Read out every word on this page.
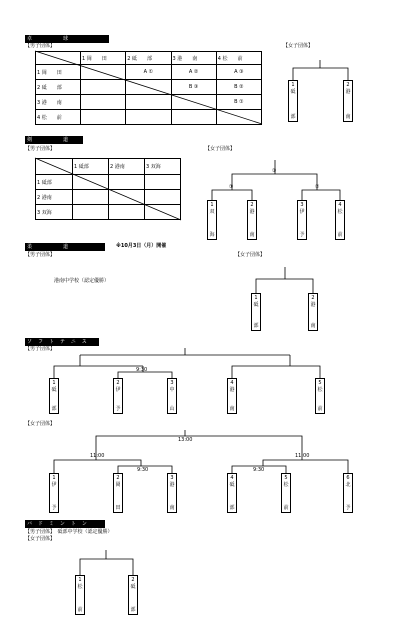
卓　　　球
【男子団体】	【女子団体】
	1 岡　　田	2 砥　　部	3 港　　南	4 松　　前
1 岡　　田		A ①	A ②	A ③
2 砥　　部			B ③	B ②
3 港　　南				B ①
4 松　　前				
剣　　　道
【男子団体】	【女子団体】
	1 砥部	2 港南	3 双海
1 砥部			
2 港南			
3 双海			
柔　　　道	※10月3日（月）開催
【男子団体】	【女子団体】
港南中学校（認定優勝）
ソフトテニス
【男子団体】
【女子団体】
バドミントン
【男子団体】　砥部中学校（認定優勝）
【女子団体】
③
①	②
9:30
13:00
11:00	11:00
9:30	9:30
1
砥
部
2
港
南
1
双
海
2
港
南
3
伊
予
4
松
前
1
砥
部
2
港
南
1
砥
部
2
伊
予
3
中
山
4
港
南
5
松
前
1
伊
予
2
岡
田
3
港
南
4
砥
部
5
松
前
6
北
予
1
松
前
2
砥
部
